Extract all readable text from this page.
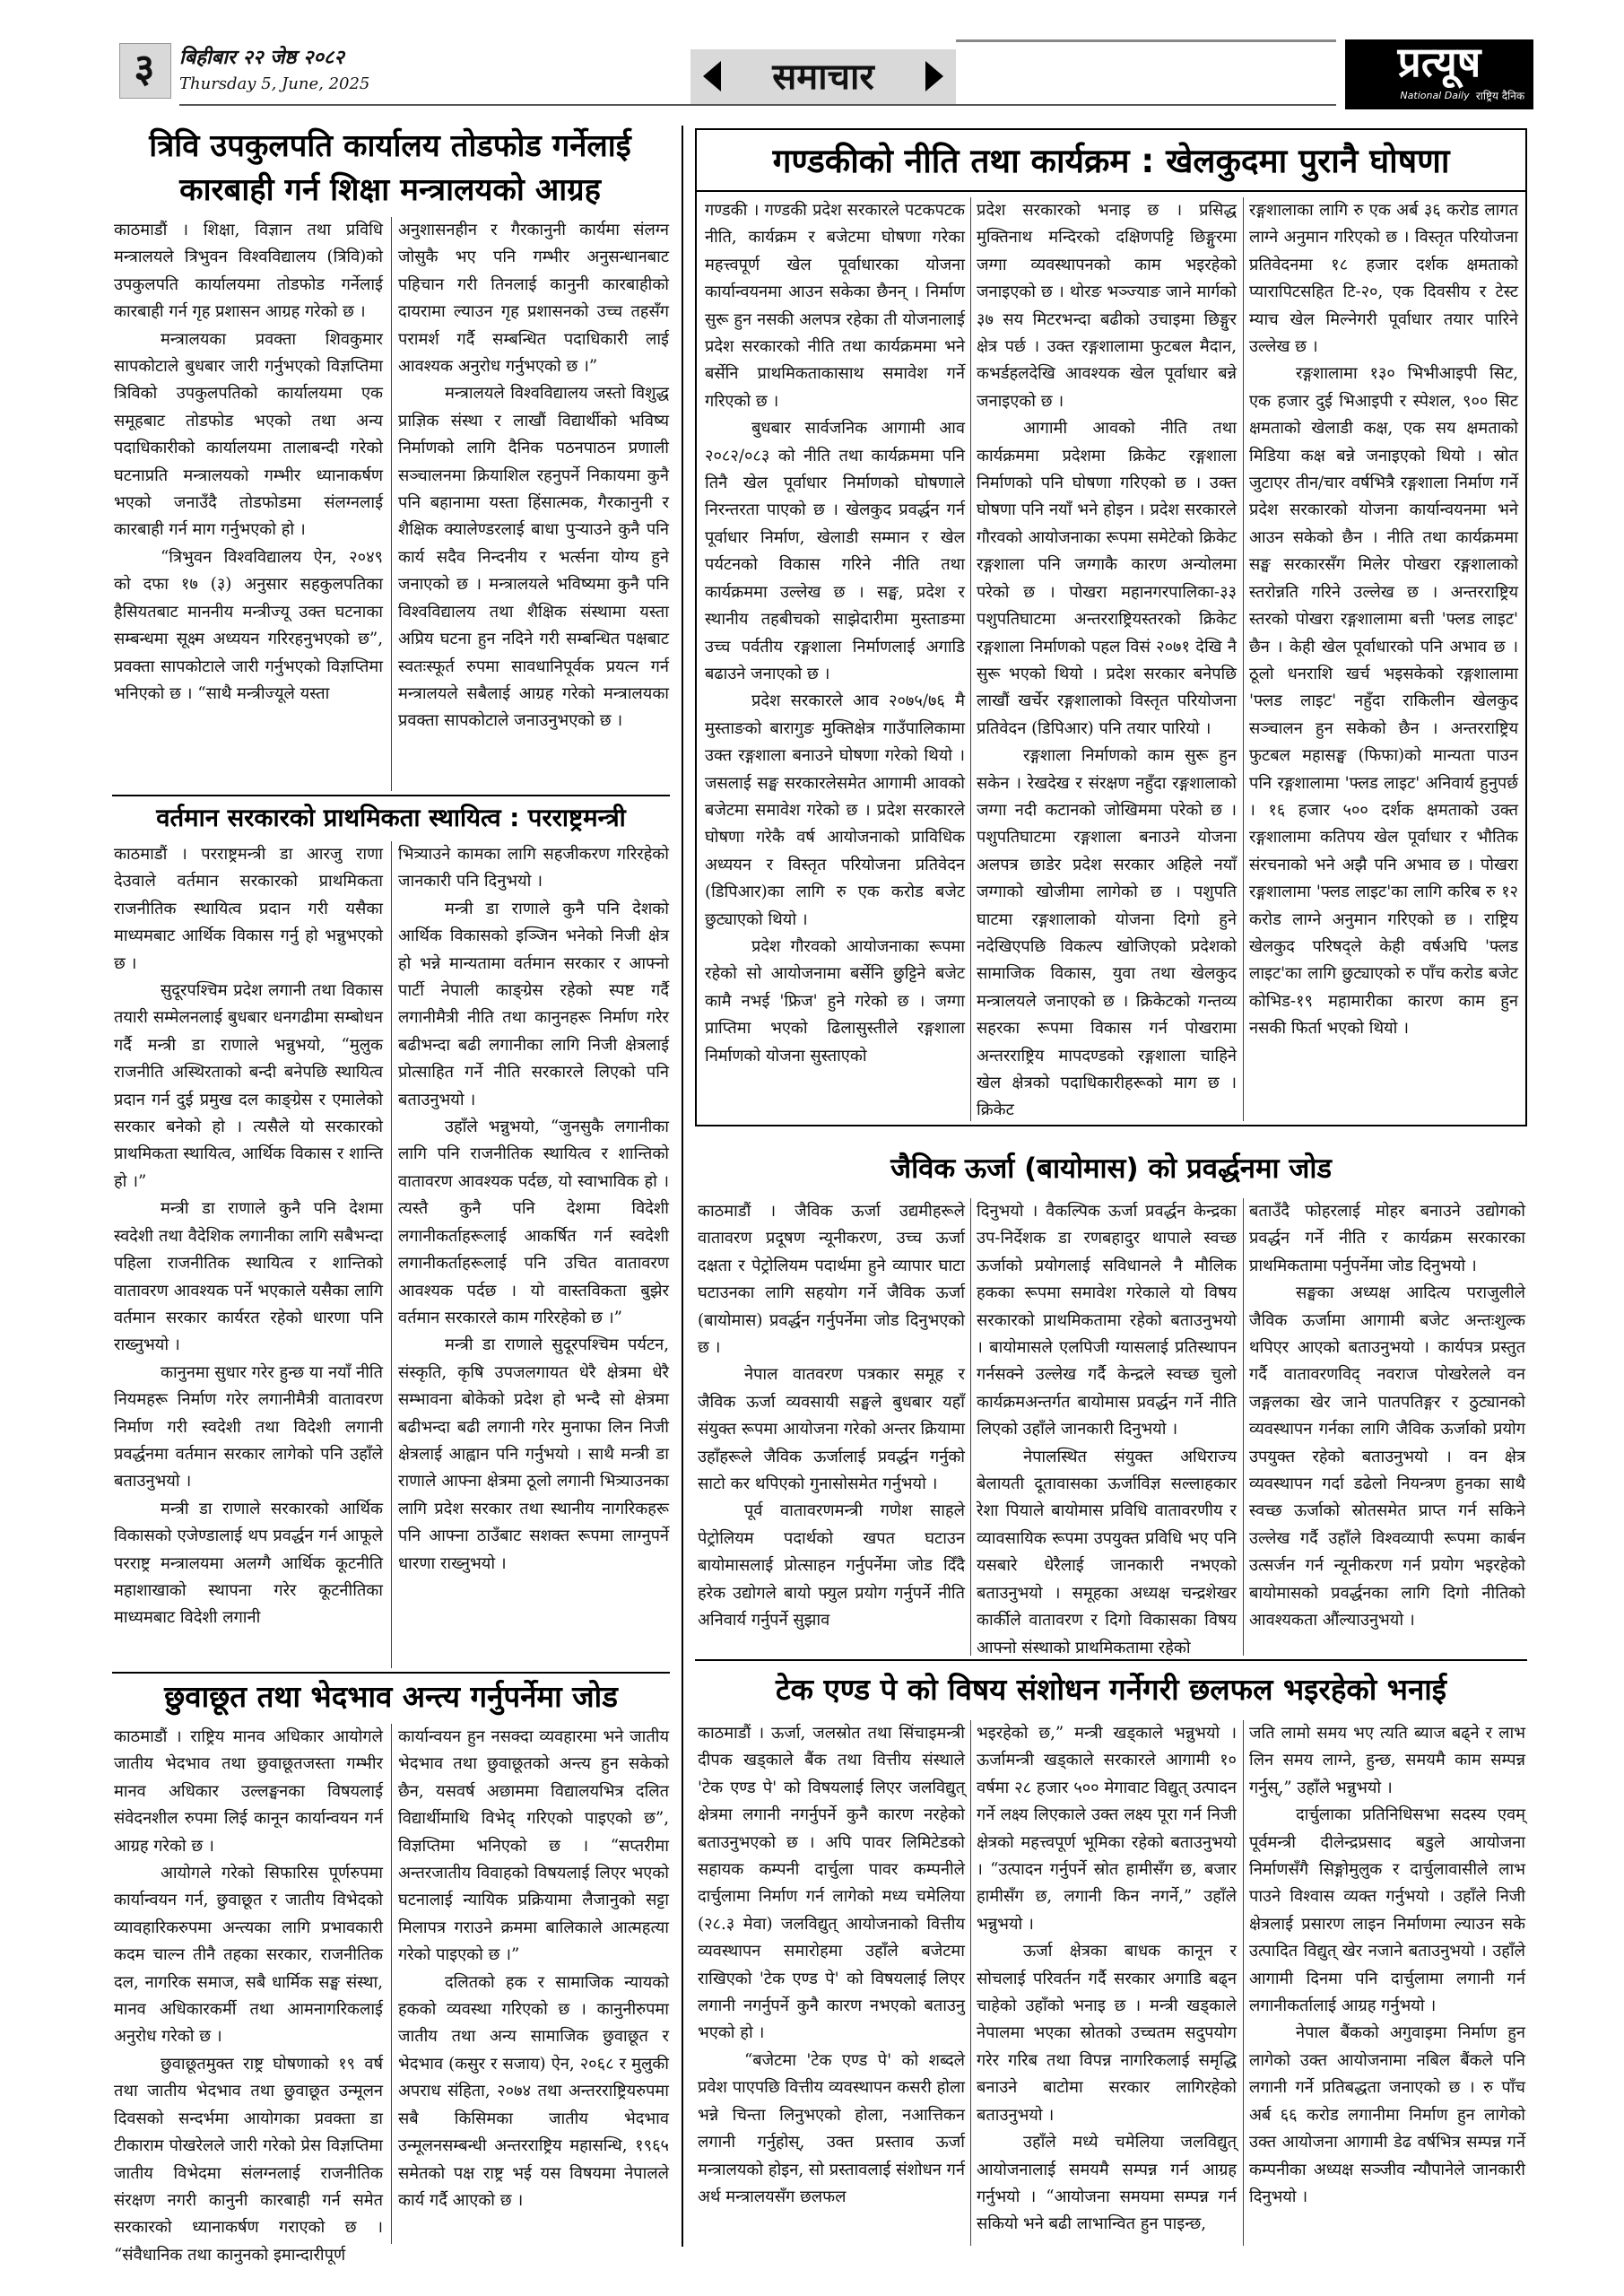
३	बिहीबार २२ जेष्ठ २०८२
Thursday 5, June, 2025	समाचार	प्रत्यूष
National Daily राष्ट्रिय दैनिक
त्रिवि उपकुलपति कार्यालय तोडफोड गर्नेलाई
कारबाही गर्न शिक्षा मन्त्रालयको आग्रह

काठमाडौं । शिक्षा, विज्ञान तथा प्रविधि मन्त्रालयले त्रिभुवन विश्वविद्यालय (त्रिवि)को उपकुलपति कार्यालयमा तोडफोड गर्नेलाई कारबाही गर्न गृह प्रशासन आग्रह गरेको छ ।

मन्त्रालयका प्रवक्ता शिवकुमार सापकोटाले बुधबार जारी गर्नुभएको विज्ञप्तिमा त्रिविको उपकुलपतिको कार्यालयमा एक समूहबाट तोडफोड भएको तथा अन्य पदाधिकारीको कार्यालयमा तालाबन्दी गरेको घटनाप्रति मन्त्रालयको गम्भीर ध्यानाकर्षण भएको जनाउँदै तोडफोडमा संलग्नलाई कारबाही गर्न माग गर्नुभएको हो ।

“त्रिभुवन विश्वविद्यालय ऐन, २०४९ को दफा १७ (३) अनुसार सहकुलपतिका हैसियतबाट माननीय मन्त्रीज्यू उक्त घटनाका सम्बन्धमा सूक्ष्म अध्ययन गरिरहनुभएको छ”, प्रवक्ता सापकोटाले जारी गर्नुभएको विज्ञप्तिमा भनिएको छ । “साथै मन्त्रीज्यूले यस्ता

अनुशासनहीन र गैरकानुनी कार्यमा संलग्न जोसुकै भए पनि गम्भीर अनुसन्धानबाट पहिचान गरी तिनलाई कानुनी कारबाहीको दायरामा ल्याउन गृह प्रशासनको उच्च तहसँग परामर्श गर्दै सम्बन्धित पदाधिकारी लाई आवश्यक अनुरोध गर्नुभएको छ ।”

मन्त्रालयले विश्वविद्यालय जस्तो विशुद्ध प्राज्ञिक संस्था र लाखौं विद्यार्थीको भविष्य निर्माणको लागि दैनिक पठनपाठन प्रणाली सञ्चालनमा क्रियाशिल रहनुपर्ने निकायमा कुनै पनि बहानामा यस्ता हिंसात्मक, गैरकानुनी र शैक्षिक क्यालेण्डरलाई बाधा पुऱ्याउने कुनै पनि कार्य सदैव निन्दनीय र भर्त्सना योग्य हुने जनाएको छ । मन्त्रालयले भविष्यमा कुनै पनि विश्वविद्यालय तथा शैक्षिक संस्थामा यस्ता अप्रिय घटना हुन नदिने गरी सम्बन्धित पक्षबाट स्वतःस्फूर्त रुपमा सावधानिपूर्वक प्रयत्न गर्न मन्त्रालयले सबैलाई आग्रह गरेको मन्त्रालयका प्रवक्ता सापकोटाले जनाउनुभएको छ ।

वर्तमान सरकारको प्राथमिकता स्थायित्व : परराष्ट्रमन्त्री

काठमाडौं । परराष्ट्रमन्त्री डा आरजु राणा देउवाले वर्तमान सरकारको प्राथमिकता राजनीतिक स्थायित्व प्रदान गरी यसैका माध्यमबाट आर्थिक विकास गर्नु हो भन्नुभएको छ ।

सुदूरपश्चिम प्रदेश लगानी तथा विकास तयारी सम्मेलनलाई बुधबार धनगढीमा सम्बोधन गर्दै मन्त्री डा राणाले भन्नुभयो, “मुलुक राजनीति अस्थिरताको बन्दी बनेपछि स्थायित्व प्रदान गर्न दुई प्रमुख दल काङ्ग्रेस र एमालेको सरकार बनेको हो । त्यसैले यो सरकारको प्राथमिकता स्थायित्व, आर्थिक विकास र शान्ति हो ।”

मन्त्री डा राणाले कुनै पनि देशमा स्वदेशी तथा वैदेशिक लगानीका लागि सबैभन्दा पहिला राजनीतिक स्थायित्व र शान्तिको वातावरण आवश्यक पर्ने भएकाले यसैका लागि वर्तमान सरकार कार्यरत रहेको धारणा पनि राख्नुभयो ।

कानुनमा सुधार गरेर हुन्छ या नयाँ नीति नियमहरू निर्माण गरेर लगानीमैत्री वातावरण निर्माण गरी स्वदेशी तथा विदेशी लगानी प्रवर्द्धनमा वर्तमान सरकार लागेको पनि उहाँले बताउनुभयो ।

मन्त्री डा राणाले सरकारको आर्थिक विकासको एजेण्डालाई थप प्रवर्द्धन गर्न आफूले परराष्ट्र मन्त्रालयमा अलग्गै आर्थिक कूटनीति महाशाखाको स्थापना गरेर कूटनीतिका माध्यमबाट विदेशी लगानी

भित्र्याउने कामका लागि सहजीकरण गरिरहेको जानकारी पनि दिनुभयो ।

मन्त्री डा राणाले कुनै पनि देशको आर्थिक विकासको इञ्जिन भनेको निजी क्षेत्र हो भन्ने मान्यतामा वर्तमान सरकार र आफ्नो पार्टी नेपाली काङ्ग्रेस रहेको स्पष्ट गर्दै लगानीमैत्री नीति तथा कानुनहरू निर्माण गरेर बढीभन्दा बढी लगानीका लागि निजी क्षेत्रलाई प्रोत्साहित गर्ने नीति सरकारले लिएको पनि बताउनुभयो ।

उहाँले भन्नुभयो, “जुनसुकै लगानीका लागि पनि राजनीतिक स्थायित्व र शान्तिको वातावरण आवश्यक पर्दछ, यो स्वाभाविक हो । त्यस्तै कुनै पनि देशमा विदेशी लगानीकर्ताहरूलाई आकर्षित गर्न स्वदेशी लगानीकर्ताहरूलाई पनि उचित वातावरण आवश्यक पर्दछ । यो वास्तविकता बुझेर वर्तमान सरकारले काम गरिरहेको छ ।”

मन्त्री डा राणाले सुदूरपश्चिम पर्यटन, संस्कृति, कृषि उपजलगायत धेरै क्षेत्रमा धेरै सम्भावना बोकेको प्रदेश हो भन्दै सो क्षेत्रमा बढीभन्दा बढी लगानी गरेर मुनाफा लिन निजी क्षेत्रलाई आह्वान पनि गर्नुभयो । साथै मन्त्री डा राणाले आफ्ना क्षेत्रमा ठूलो लगानी भित्र्याउनका लागि प्रदेश सरकार तथा स्थानीय नागरिकहरू पनि आफ्ना ठाउँबाट सशक्त रूपमा लाग्नुपर्ने धारणा राख्नुभयो ।

छुवाछूत तथा भेदभाव अन्त्य गर्नुपर्नेमा जोड

काठमाडौं । राष्ट्रिय मानव अधिकार आयोगले जातीय भेदभाव तथा छुवाछूतजस्ता गम्भीर मानव अधिकार उल्लङ्घनका विषयलाई संवेदनशील रुपमा लिई कानून कार्यान्वयन गर्न आग्रह गरेको छ ।

आयोगले गरेको सिफारिस पूर्णरुपमा कार्यान्वयन गर्न, छुवाछूत र जातीय विभेदको व्यावहारिकरुपमा अन्त्यका लागि प्रभावकारी कदम चाल्न तीनै तहका सरकार, राजनीतिक दल, नागरिक समाज, सबै धार्मिक सङ्घ संस्था, मानव अधिकारकर्मी तथा आमनागरिकलाई अनुरोध गरेको छ ।

छुवाछूतमुक्त राष्ट्र घोषणाको १९ वर्ष तथा जातीय भेदभाव तथा छुवाछूत उन्मूलन दिवसको सन्दर्भमा आयोगका प्रवक्ता डा टीकाराम पोखरेलले जारी गरेको प्रेस विज्ञप्तिमा जातीय विभेदमा संलग्नलाई राजनीतिक संरक्षण नगरी कानुनी कारबाही गर्न समेत सरकारको ध्यानाकर्षण गराएको छ । “संवैधानिक तथा कानुनको इमान्दारीपूर्ण

कार्यान्वयन हुन नसक्दा व्यवहारमा भने जातीय भेदभाव तथा छुवाछूतको अन्त्य हुन सकेको छैन, यसवर्ष अछाममा विद्यालयभित्र दलित विद्यार्थीमाथि विभेद् गरिएको पाइएको छ”, विज्ञप्तिमा भनिएको छ । “सप्तरीमा अन्तरजातीय विवाहको विषयलाई लिएर भएको घटनालाई न्यायिक प्रक्रियामा लैजानुको सट्टा मिलापत्र गराउने क्रममा बालिकाले आत्महत्या गरेको पाइएको छ ।”

दलितको हक र सामाजिक न्यायको हकको व्यवस्था गरिएको छ । कानुनीरुपमा जातीय तथा अन्य सामाजिक छुवाछूत र भेदभाव (कसुर र सजाय) ऐन, २०६८ र मुलुकी अपराध संहिता, २०७४ तथा अन्तरराष्ट्रियरुपमा सबै किसिमका जातीय भेदभाव उन्मूलनसम्बन्धी अन्तरराष्ट्रिय महासन्धि, १९६५ समेतको पक्ष राष्ट्र भई यस विषयमा नेपालले कार्य गर्दै आएको छ ।

गण्डकीको नीति तथा कार्यक्रम : खेलकुदमा पुरानै घोषणा

गण्डकी । गण्डकी प्रदेश सरकारले पटकपटक नीति, कार्यक्रम र बजेटमा घोषणा गरेका महत्त्वपूर्ण खेल पूर्वाधारका योजना कार्यान्वयनमा आउन सकेका छैनन् । निर्माण सुरू हुन नसकी अलपत्र रहेका ती योजनालाई प्रदेश सरकारको नीति तथा कार्यक्रममा भने बर्सेनि प्राथमिकताकासाथ समावेश गर्ने गरिएको छ ।

बुधबार सार्वजनिक आगामी आव २०८२/०८३ को नीति तथा कार्यक्रममा पनि तिनै खेल पूर्वाधार निर्माणको घोषणाले निरन्तरता पाएको छ । खेलकुद प्रवर्द्धन गर्न पूर्वाधार निर्माण, खेलाडी सम्मान र खेल पर्यटनको विकास गरिने नीति तथा कार्यक्रममा उल्लेख छ । सङ्घ, प्रदेश र स्थानीय तहबीचको साझेदारीमा मुस्ताङमा उच्च पर्वतीय रङ्गशाला निर्माणलाई अगाडि बढाउने जनाएको छ ।

प्रदेश सरकारले आव २०७५/७६ मै मुस्ताङको बारागुङ मुक्तिक्षेत्र गाउँपालिकामा उक्त रङ्गशाला बनाउने घोषणा गरेको थियो । जसलाई सङ्घ सरकारलेसमेत आगामी आवको बजेटमा समावेश गरेको छ । प्रदेश सरकारले घोषणा गरेकै वर्ष आयोजनाको प्राविधिक अध्ययन र विस्तृत परियोजना प्रतिवेदन (डिपिआर)का लागि रु एक करोड बजेट छुट्याएको थियो ।

प्रदेश गौरवको आयोजनाका रूपमा रहेको सो आयोजनामा बर्सेनि छुट्टिने बजेट कामै नभई 'फ्रिज' हुने गरेको छ । जग्गा प्राप्तिमा भएको ढिलासुस्तीले रङ्गशाला निर्माणको योजना सुस्ताएको

प्रदेश सरकारको भनाइ छ । प्रसिद्ध मुक्तिनाथ मन्दिरको दक्षिणपट्टि छिङ्गुरमा जग्गा व्यवस्थापनको काम भइरहेको जनाइएको छ । थोरङ भञ्ज्याङ जाने मार्गको ३७ सय मिटरभन्दा बढीको उचाइमा छिङ्गुर क्षेत्र पर्छ । उक्त रङ्गशालामा फुटबल मैदान, कभर्डहलदेखि आवश्यक खेल पूर्वाधार बन्ने जनाइएको छ ।

आगामी आवको नीति तथा कार्यक्रममा प्रदेशमा क्रिकेट रङ्गशाला निर्माणको पनि घोषणा गरिएको छ । उक्त घोषणा पनि नयाँ भने होइन । प्रदेश सरकारले गौरवको आयोजनाका रूपमा समेटेको क्रिकेट रङ्गशाला पनि जग्गाकै कारण अन्योलमा परेको छ । पोखरा महानगरपालिका-३३ पशुपतिघाटमा अन्तरराष्ट्रियस्तरको क्रिकेट रङ्गशाला निर्माणको पहल विसं २०७१ देखि नै सुरू भएको थियो । प्रदेश सरकार बनेपछि लाखौं खर्चेर रङ्गशालाको विस्तृत परियोजना प्रतिवेदन (डिपिआर) पनि तयार पारियो ।

रङ्गशाला निर्माणको काम सुरू हुन सकेन । रेखदेख र संरक्षण नहुँदा रङ्गशालाको जग्गा नदी कटानको जोखिममा परेको छ । पशुपतिघाटमा रङ्गशाला बनाउने योजना अलपत्र छाडेर प्रदेश सरकार अहिले नयाँ जग्गाको खोजीमा लागेको छ । पशुपति घाटमा रङ्गशालाको योजना दिगो हुने नदेखिएपछि विकल्प खोजिएको प्रदेशको सामाजिक विकास, युवा तथा खेलकुद मन्त्रालयले जनाएको छ । क्रिकेटको गन्तव्य सहरका रूपमा विकास गर्न पोखरामा अन्तरराष्ट्रिय मापदण्डको रङ्गशाला चाहिने खेल क्षेत्रको पदाधिकारीहरूको माग छ । क्रिकेट

रङ्गशालाका लागि रु एक अर्ब ३६ करोड लागत लाग्ने अनुमान गरिएको छ । विस्तृत परियोजना प्रतिवेदनमा १८ हजार दर्शक क्षमताको प्यारापिटसहित टि-२०, एक दिवसीय र टेस्ट म्याच खेल मिल्नेगरी पूर्वाधार तयार पारिने उल्लेख छ ।

रङ्गशालामा १३० भिभीआइपी सिट, एक हजार दुई भिआइपी र स्पेशल, ९०० सिट क्षमताको खेलाडी कक्ष, एक सय क्षमताको मिडिया कक्ष बन्ने जनाइएको थियो । स्रोत जुटाएर तीन/चार वर्षभित्रै रङ्गशाला निर्माण गर्ने प्रदेश सरकारको योजना कार्यान्वयनमा भने आउन सकेको छैन । नीति तथा कार्यक्रममा सङ्घ सरकारसँग मिलेर पोखरा रङ्गशालाको स्तरोन्नति गरिने उल्लेख छ । अन्तरराष्ट्रिय स्तरको पोखरा रङ्गशालामा बत्ती 'फ्लड लाइट' छैन । केही खेल पूर्वाधारको पनि अभाव छ । ठूलो धनराशि खर्च भइसकेको रङ्गशालामा 'फ्लड लाइट' नहुँदा राकिलीन खेलकुद सञ्चालन हुन सकेको छैन । अन्तरराष्ट्रिय फुटबल महासङ्घ (फिफा)को मान्यता पाउन पनि रङ्गशालामा 'फ्लड लाइट' अनिवार्य हुनुपर्छ । १६ हजार ५०० दर्शक क्षमताको उक्त रङ्गशालामा कतिपय खेल पूर्वाधार र भौतिक संरचनाको भने अझै पनि अभाव छ । पोखरा रङ्गशालामा 'फ्लड लाइट'का लागि करिब रु १२ करोड लाग्ने अनुमान गरिएको छ । राष्ट्रिय खेलकुद परिषद्ले केही वर्षअघि 'फ्लड लाइट'का लागि छुट्याएको रु पाँच करोड बजेट कोभिड-१९ महामारीका कारण काम हुन नसकी फिर्ता भएको थियो ।

जैविक ऊर्जा (बायोमास) को प्रवर्द्धनमा जोड

काठमाडौं । जैविक ऊर्जा उद्यमीहरूले वातावरण प्रदूषण न्यूनीकरण, उच्च ऊर्जा दक्षता र पेट्रोलियम पदार्थमा हुने व्यापार घाटा घटाउनका लागि सहयोग गर्ने जैविक ऊर्जा (बायोमास) प्रवर्द्धन गर्नुपर्नेमा जोड दिनुभएको छ ।

नेपाल वातवरण पत्रकार समूह र जैविक ऊर्जा व्यवसायी सङ्घले बुधबार यहाँ संयुक्त रूपमा आयोजना गरेको अन्तर क्रियामा उहाँहरूले जैविक ऊर्जालाई प्रवर्द्धन गर्नुको साटो कर थपिएको गुनासोसमेत गर्नुभयो ।

पूर्व वातावरणमन्त्री गणेश साहले पेट्रोलियम पदार्थको खपत घटाउन बायोमासलाई प्रोत्साहन गर्नुपर्नेमा जोड दिँदै हरेक उद्योगले बायो फ्युल प्रयोग गर्नुपर्ने नीति अनिवार्य गर्नुपर्ने सुझाव

दिनुभयो । वैकल्पिक ऊर्जा प्रवर्द्धन केन्द्रका उप-निर्देशक डा रणबहादुर थापाले स्वच्छ ऊर्जाको प्रयोगलाई सविधानले नै मौलिक हकका रूपमा समावेश गरेकाले यो विषय सरकारको प्राथमिकतामा रहेको बताउनुभयो । बायोमासले एलपिजी ग्यासलाई प्रतिस्थापन गर्नसक्ने उल्लेख गर्दै केन्द्रले स्वच्छ चुलो कार्यक्रमअन्तर्गत बायोमास प्रवर्द्धन गर्ने नीति लिएको उहाँले जानकारी दिनुभयो ।

नेपालस्थित संयुक्त अधिराज्य बेलायती दूतावासका ऊर्जाविज्ञ सल्लाहकार रेशा पियाले बायोमास प्रविधि वातावरणीय र व्यावसायिक रूपमा उपयुक्त प्रविधि भए पनि यसबारे धेरैलाई जानकारी नभएको बताउनुभयो । समूहका अध्यक्ष चन्द्रशेखर कार्कीले वातावरण र दिगो विकासका विषय आफ्नो संस्थाको प्राथमिकतामा रहेको

बताउँदै फोहरलाई मोहर बनाउने उद्योगको प्रवर्द्धन गर्ने नीति र कार्यक्रम सरकारका प्राथमिकतामा पर्नुपर्नेमा जोड दिनुभयो ।

सङ्घका अध्यक्ष आदित्य पराजुलीले जैविक ऊर्जामा आगामी बजेट अन्तःशुल्क थपिएर आएको बताउनुभयो । कार्यपत्र प्रस्तुत गर्दै वातावरणविद् नवराज पोखरेलले वन जङ्गलका खेर जाने पातपतिङ्गर र ठुट्यानको व्यवस्थापन गर्नका लागि जैविक ऊर्जाको प्रयोग उपयुक्त रहेको बताउनुभयो । वन क्षेत्र व्यवस्थापन गर्दा डढेलो नियन्त्रण हुनका साथै स्वच्छ ऊर्जाको स्रोतसमेत प्राप्त गर्न सकिने उल्लेख गर्दै उहाँले विश्वव्यापी रूपमा कार्बन उत्सर्जन गर्न न्यूनीकरण गर्न प्रयोग भइरहेको बायोमासको प्रवर्द्धनका लागि दिगो नीतिको आवश्यकता औंल्याउनुभयो ।

टेक एण्ड पे को विषय संशोधन गर्नेगरी छलफल भइरहेको भनाई

काठमाडौं । ऊर्जा, जलस्रोत तथा सिंचाइमन्त्री दीपक खड्काले बैंक तथा वित्तीय संस्थाले 'टेक एण्ड पे' को विषयलाई लिएर जलविद्युत् क्षेत्रमा लगानी नगर्नुपर्ने कुनै कारण नरहेको बताउनुभएको छ । अपि पावर लिमिटेडको सहायक कम्पनी दार्चुला पावर कम्पनीले दार्चुलामा निर्माण गर्न लागेको मध्य चमेलिया (२८.३ मेवा) जलविद्युत् आयोजनाको वित्तीय व्यवस्थापन समारोहमा उहाँले बजेटमा राखिएको 'टेक एण्ड पे' को विषयलाई लिएर लगानी नगर्नुपर्ने कुनै कारण नभएको बताउनु भएको हो ।

“बजेटमा 'टेक एण्ड पे' को शब्दले प्रवेश पाएपछि वित्तीय व्यवस्थापन कसरी होला भन्ने चिन्ता लिनुभएको होला, नआत्तिकन लगानी गर्नुहोस्, उक्त प्रस्ताव ऊर्जा मन्त्रालयको होइन, सो प्रस्तावलाई संशोधन गर्न अर्थ मन्त्रालयसँग छलफल

भइरहेको छ,” मन्त्री खड्काले भन्नुभयो । ऊर्जामन्त्री खड्काले सरकारले आगामी १० वर्षमा २८ हजार ५०० मेगावाट विद्युत् उत्पादन गर्ने लक्ष्य लिएकाले उक्त लक्ष्य पूरा गर्न निजी क्षेत्रको महत्त्वपूर्ण भूमिका रहेको बताउनुभयो । “उत्पादन गर्नुपर्ने स्रोत हामीसँग छ, बजार हामीसँग छ, लगानी किन नगर्ने,” उहाँले भन्नुभयो ।

ऊर्जा क्षेत्रका बाधक कानून र सोचलाई परिवर्तन गर्दै सरकार अगाडि बढ्न चाहेको उहाँको भनाइ छ । मन्त्री खड्काले नेपालमा भएका स्रोतको उच्चतम सदुपयोग गरेर गरिब तथा विपन्न नागरिकलाई समृद्धि बनाउने बाटोमा सरकार लागिरहेको बताउनुभयो ।

उहाँले मध्ये चमेलिया जलविद्युत् आयोजनालाई समयमै सम्पन्न गर्न आग्रह गर्नुभयो । “आयोजना समयमा सम्पन्न गर्न सकियो भने बढी लाभान्वित हुन पाइन्छ,

जति लामो समय भए त्यति ब्याज बढ्ने र लाभ लिन समय लाग्ने, हुन्छ, समयमै काम सम्पन्न गर्नुस्,” उहाँले भन्नुभयो ।

दार्चुलाका प्रतिनिधिसभा सदस्य एवम् पूर्वमन्त्री दीलेन्द्रप्रसाद बडुले आयोजना निर्माणसँगै सिङ्गोमुलुक र दार्चुलावासीले लाभ पाउने विश्वास व्यक्त गर्नुभयो । उहाँले निजी क्षेत्रलाई प्रसारण लाइन निर्माणमा ल्याउन सके उत्पादित विद्युत् खेर नजाने बताउनुभयो । उहाँले आगामी दिनमा पनि दार्चुलामा लगानी गर्न लगानीकर्तालाई आग्रह गर्नुभयो ।

नेपाल बैंकको अगुवाइमा निर्माण हुन लागेको उक्त आयोजनामा नबिल बैंकले पनि लगानी गर्ने प्रतिबद्धता जनाएको छ । रु पाँच अर्ब ६६ करोड लगानीमा निर्माण हुन लागेको उक्त आयोजना आगामी डेढ वर्षभित्र सम्पन्न गर्ने कम्पनीका अध्यक्ष सञ्जीव न्यौपानेले जानकारी दिनुभयो ।
